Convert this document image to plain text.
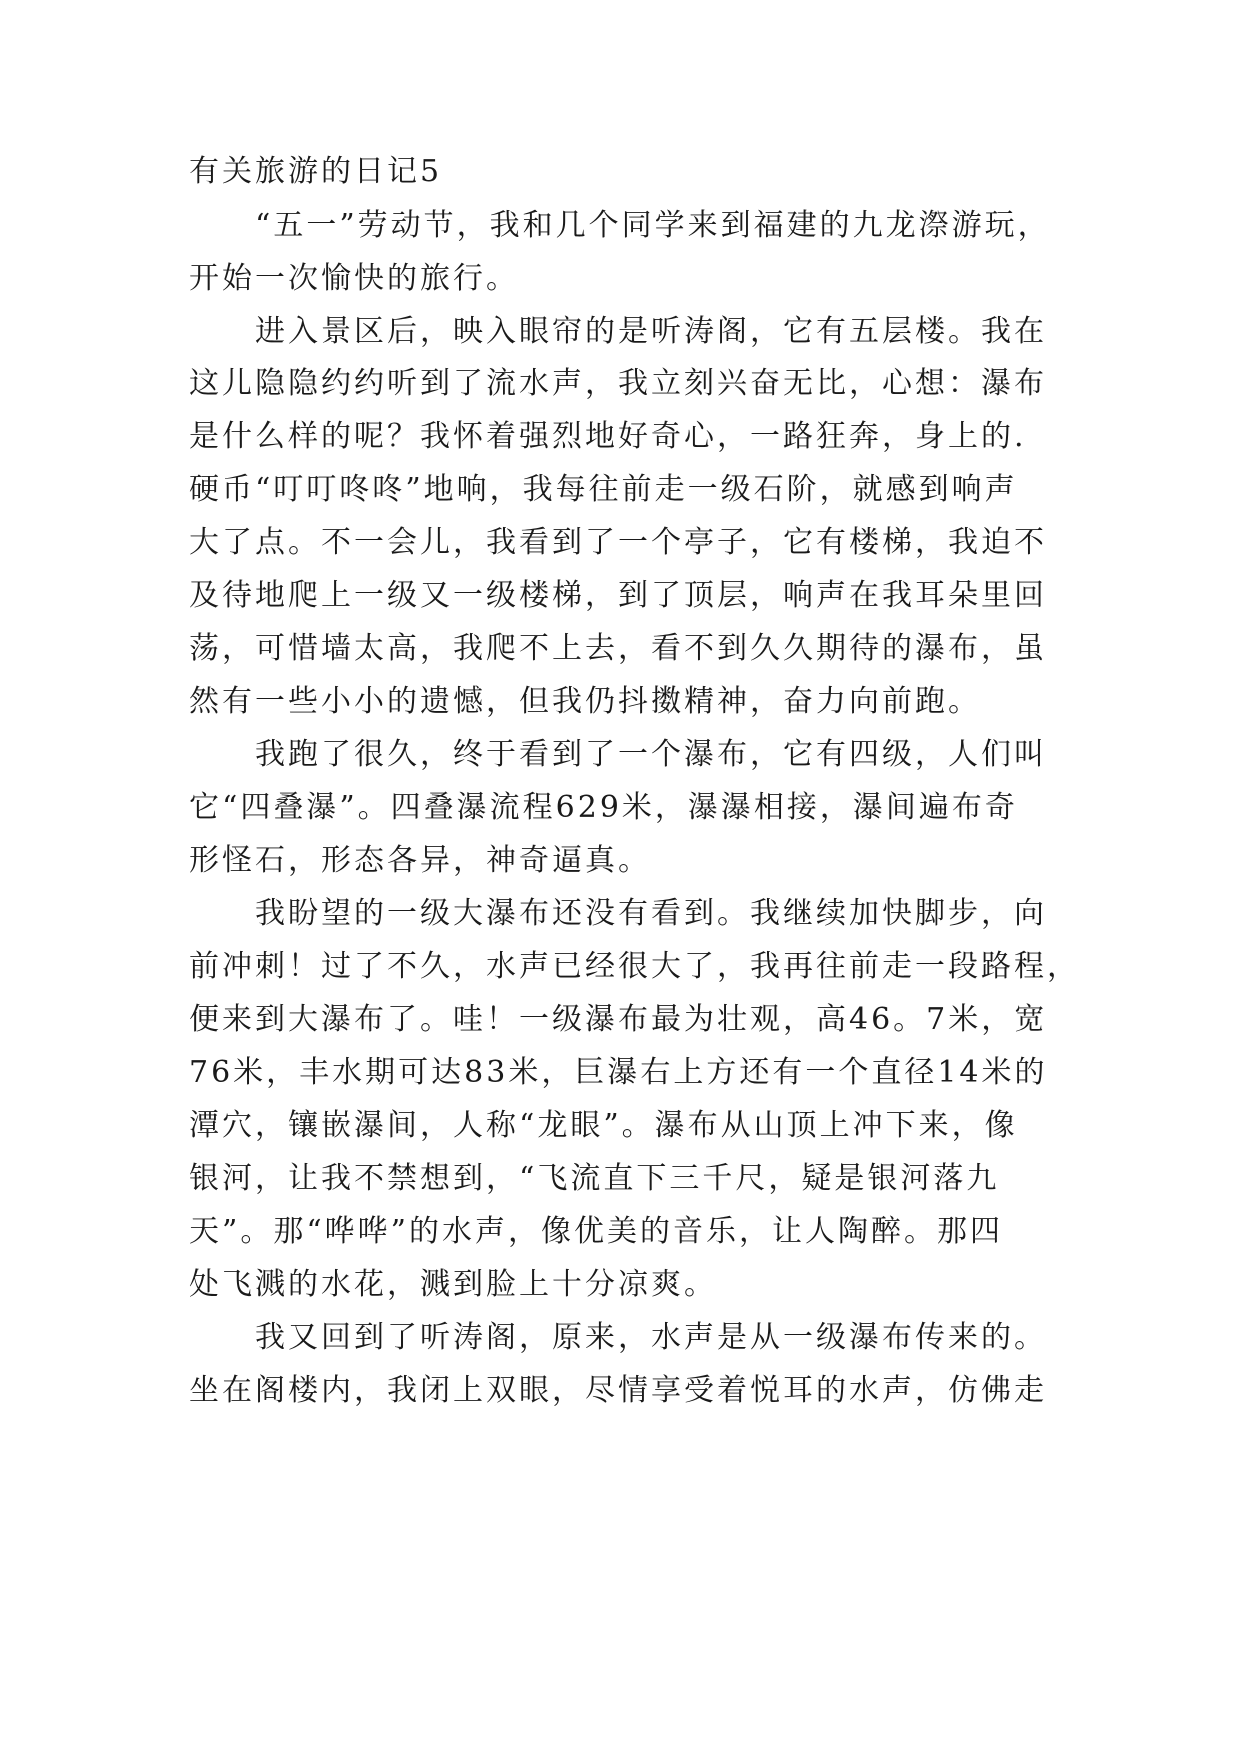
有关旅游的日记5
“五一”劳动节，我和几个同学来到福建的九龙漈游玩，
开始一次愉快的旅行。
进入景区后，映入眼帘的是听涛阁，它有五层楼。我在
这儿隐隐约约听到了流水声，我立刻兴奋无比，心想：瀑布
是什么样的呢？我怀着强烈地好奇心，一路狂奔，身上的.
硬币“叮叮咚咚”地响，我每往前走一级石阶，就感到响声
大了点。不一会儿，我看到了一个亭子，它有楼梯，我迫不
及待地爬上一级又一级楼梯，到了顶层，响声在我耳朵里回
荡，可惜墙太高，我爬不上去，看不到久久期待的瀑布，虽
然有一些小小的遗憾，但我仍抖擞精神，奋力向前跑。
我跑了很久，终于看到了一个瀑布，它有四级，人们叫
它“四叠瀑”。四叠瀑流程629米，瀑瀑相接，瀑间遍布奇
形怪石，形态各异，神奇逼真。
我盼望的一级大瀑布还没有看到。我继续加快脚步，向
前冲刺！过了不久，水声已经很大了，我再往前走一段路程，
便来到大瀑布了。哇！一级瀑布最为壮观，高46。7米，宽
76米，丰水期可达83米，巨瀑右上方还有一个直径14米的
潭穴，镶嵌瀑间，人称“龙眼”。瀑布从山顶上冲下来，像
银河，让我不禁想到，“飞流直下三千尺，疑是银河落九
天”。那“哗哗”的水声，像优美的音乐，让人陶醉。那四
处飞溅的水花，溅到脸上十分凉爽。
我又回到了听涛阁，原来，水声是从一级瀑布传来的。
坐在阁楼内，我闭上双眼，尽情享受着悦耳的水声，仿佛走
